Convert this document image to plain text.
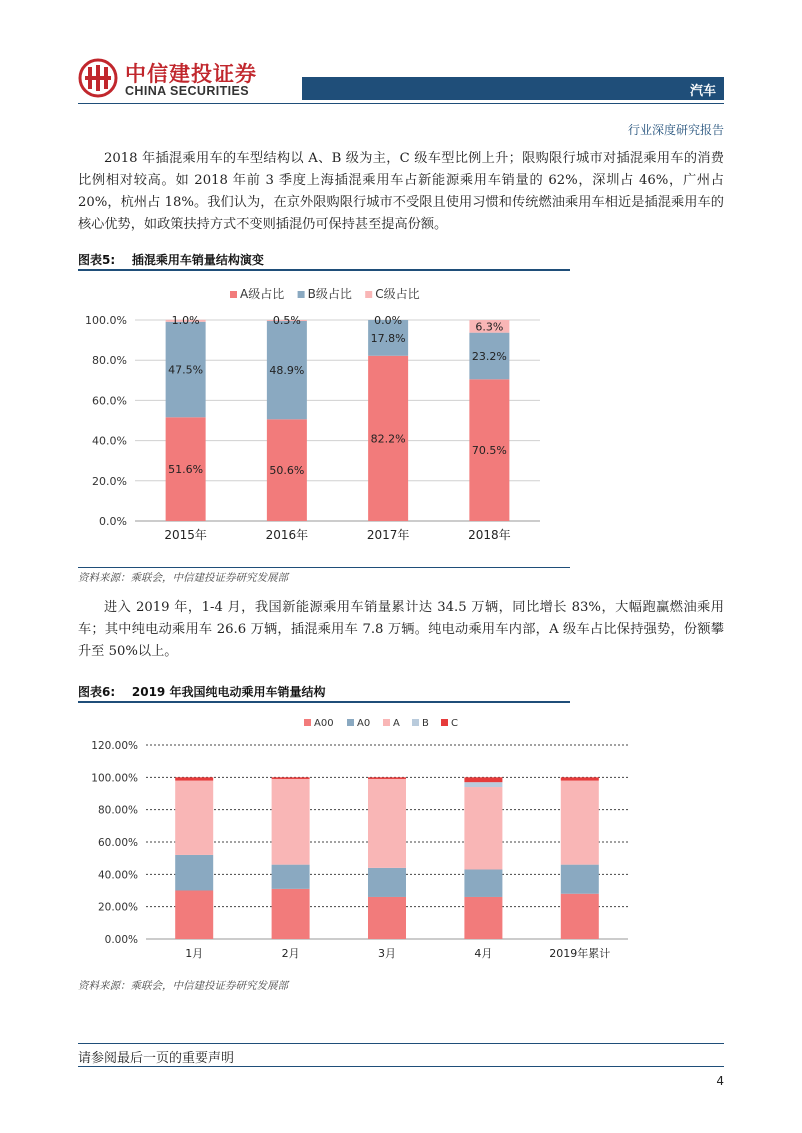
中信建投证券
CHINA SECURITIES	汽车
行业深度研究报告
2018 年插混乘用车的车型结构以 A、B 级为主，C 级车型比例上升；限购限行城市对插混乘用车的消费比例相对较高。如 2018 年前 3 季度上海插混乘用车占新能源乘用车销量的 62%，深圳占 46%，广州占 20%，杭州占 18%。我们认为，在京外限购限行城市不受限且使用习惯和传统燃油乘用车相近是插混乘用车的核心优势，如政策扶持方式不变则插混仍可保持甚至提高份额。
图表5: 插混乘用车销量结构演变
0.0%
20.0%
40.0%
60.0%
80.0%
100.0%
51.6%
47.5%
1.0%
2015年
50.6%
48.9%
0.5%
2016年
82.2%
17.8%
0.0%
2017年
70.5%
23.2%
6.3%
2018年
A级占比 B级占比 C级占比
资料来源：乘联会，中信建投证券研究发展部
进入 2019 年，1-4 月，我国新能源乘用车销量累计达 34.5 万辆，同比增长 83%，大幅跑赢燃油乘用车；其中纯电动乘用车 26.6 万辆，插混乘用车 7.8 万辆。纯电动乘用车内部，A 级车占比保持强势，份额攀升至 50%以上。
图表6: 2019 年我国纯电动乘用车销量结构
0.00%
20.00%
40.00%
60.00%
80.00%
100.00%
120.00%
1月	2月	3月	4月	2019年累计
A00 A0 A B C
资料来源：乘联会，中信建投证券研究发展部
请参阅最后一页的重要声明
4
